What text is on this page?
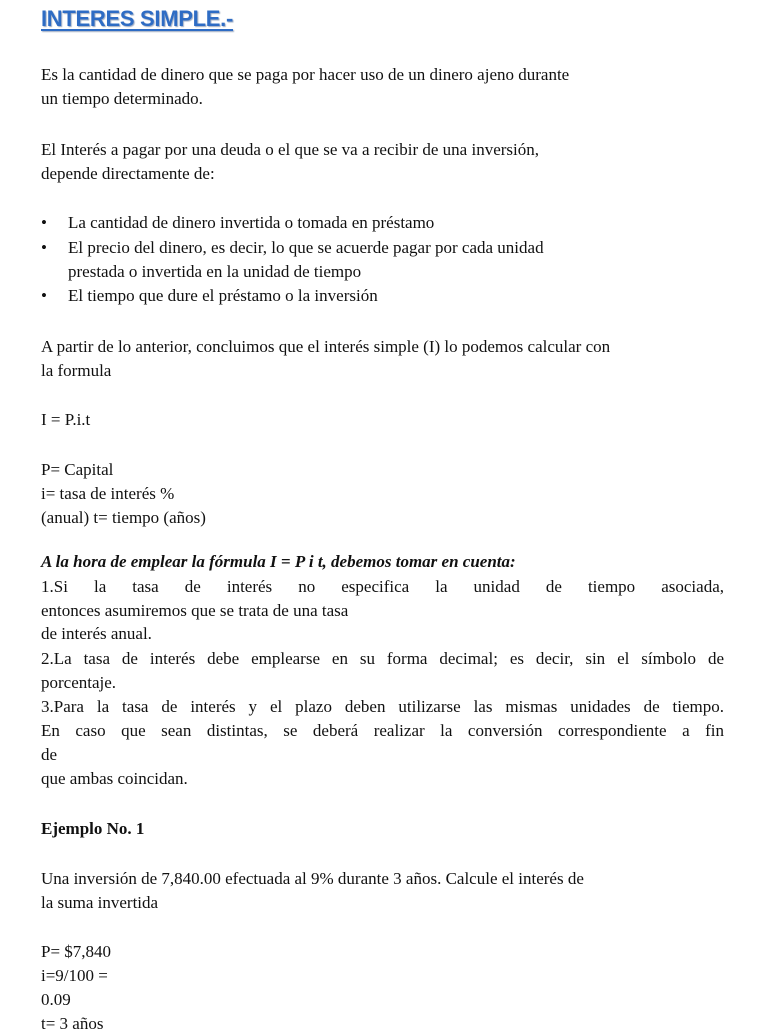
INTERES SIMPLE.-
Es la cantidad de dinero que se paga por hacer uso de un dinero ajeno durante
un tiempo determinado.
El Interés a pagar por una deuda o el que se va a recibir de una inversión,
depende directamente de:
• La cantidad de dinero invertida o tomada en préstamo
• El precio del dinero, es decir, lo que se acuerde pagar por cada unidad
prestada o invertida en la unidad de tiempo
• El tiempo que dure el préstamo o la inversión
A partir de lo anterior, concluimos que el interés simple (I) lo podemos calcular con
la formula
I = P.i.t
P= Capital
i= tasa de interés %
(anual) t= tiempo (años)
A la hora de emplear la fórmula I = P i t, debemos tomar en cuenta:
1.Si la tasa de interés no especifica la unidad de tiempo asociada,
entonces asumiremos que se trata de una tasa
de interés anual.
2.La tasa de interés debe emplearse en su forma decimal; es decir, sin el símbolo de
porcentaje.
3.Para la tasa de interés y el plazo deben utilizarse las mismas unidades de tiempo.
En caso que sean distintas, se deberá realizar la conversión correspondiente a fin
de
que ambas coincidan.
Ejemplo No. 1
Una inversión de 7,840.00 efectuada al 9% durante 3 años. Calcule el interés de
la suma invertida
P= $7,840
i=9/100 =
0.09
t= 3 años
